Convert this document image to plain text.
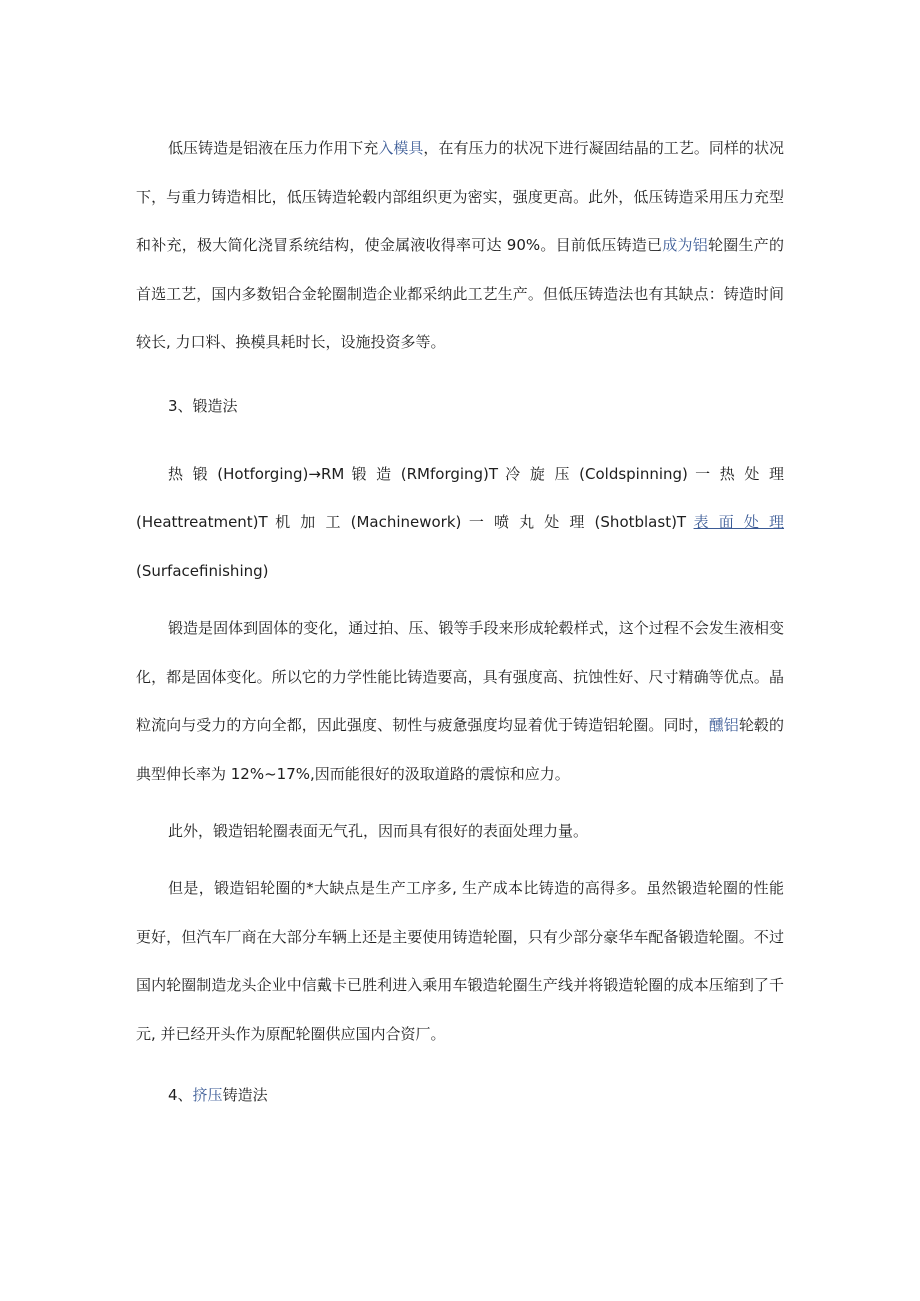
低压铸造是铝液在压力作用下充入模具，在有压力的状况下进行凝固结晶的工艺。同样的状况下，与重力铸造相比，低压铸造轮毂内部组织更为密实，强度更高。此外，低压铸造采用压力充型和补充，极大简化浇冒系统结构，使金属液收得率可达 90%。目前低压铸造已成为铝轮圈生产的首选工艺，国内多数铝合金轮圈制造企业都采纳此工艺生产。但低压铸造法也有其缺点：铸造时间较长, 力口料、换模具耗时长，设施投资多等。

3、锻造法

热 锻 (Hotforging)→RM 锻 造 (RMforging)T 冷 旋 压 (Coldspinning) 一 热 处 理
(Heattreatment)T 机 加 工 (Machinework) 一 喷 丸 处 理 (Shotblast)T 表 面 处 理
(Surfacefinishing)

锻造是固体到固体的变化，通过拍、压、锻等手段来形成轮毂样式，这个过程不会发生液相变化，都是固体变化。所以它的力学性能比铸造要高，具有强度高、抗蚀性好、尺寸精确等优点。晶粒流向与受力的方向全都，因此强度、韧性与疲惫强度均显着优于铸造铝轮圈。同时，醺铝轮毂的典型伸长率为 12%~17%,因而能很好的汲取道路的震惊和应力。

此外，锻造铝轮圈表面无气孔，因而具有很好的表面处理力量。

但是，锻造铝轮圈的*大缺点是生产工序多, 生产成本比铸造的高得多。虽然锻造轮圈的性能更好，但汽车厂商在大部分车辆上还是主要使用铸造轮圈，只有少部分豪华车配备锻造轮圈。不过国内轮圈制造龙头企业中信戴卡已胜利进入乘用车锻造轮圈生产线并将锻造轮圈的成本压缩到了千元, 并已经开头作为原配轮圈供应国内合资厂。

4、挤压铸造法
